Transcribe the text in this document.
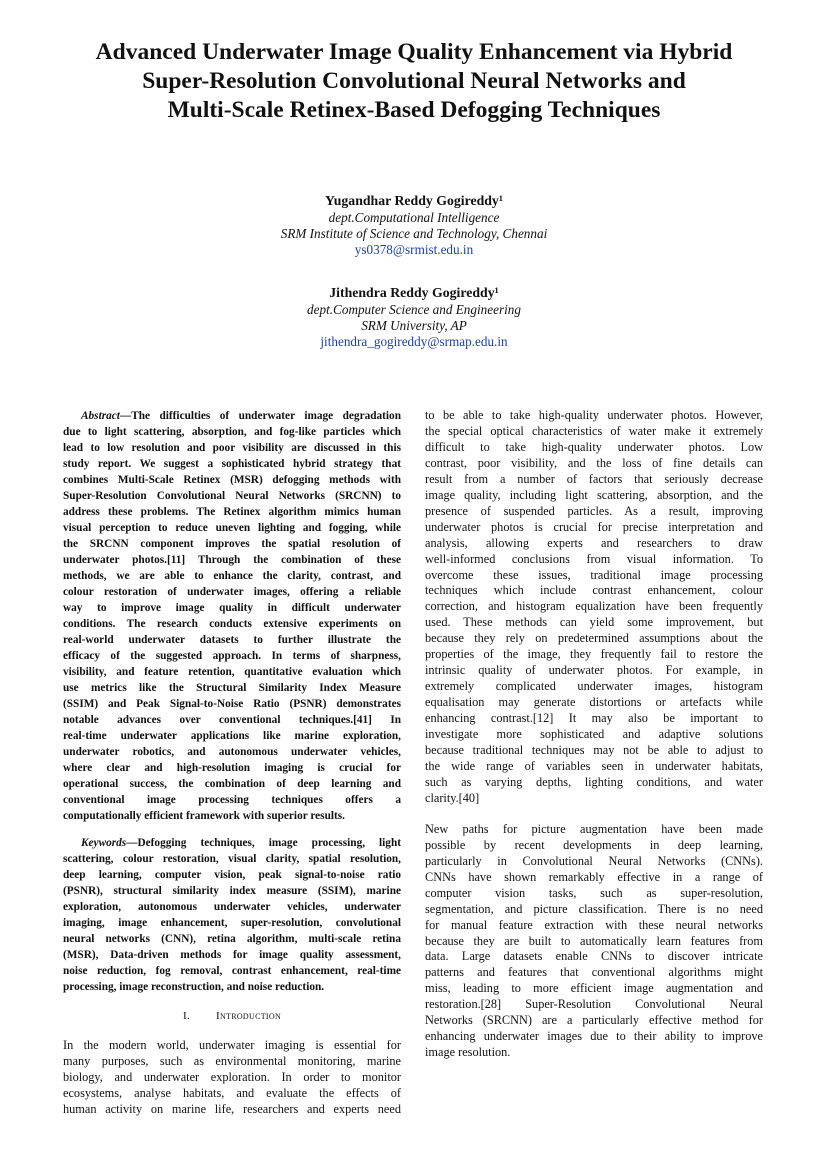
Advanced Underwater Image Quality Enhancement via Hybrid
Super-Resolution Convolutional Neural Networks and
Multi-Scale Retinex-Based Defogging Techniques
Yugandhar Reddy Gogireddy¹
dept.Computational Intelligence
SRM Institute of Science and Technology, Chennai
ys0378@srmist.edu.in
Jithendra Reddy Gogireddy¹
dept.Computer Science and Engineering
SRM University, AP
jithendra_gogireddy@srmap.edu.in
Abstract—The difficulties of underwater image degradation
due to light scattering, absorption, and fog-like particles which
lead to low resolution and poor visibility are discussed in this
study report. We suggest a sophisticated hybrid strategy that
combines Multi-Scale Retinex (MSR) defogging methods with
Super-Resolution Convolutional Neural Networks (SRCNN) to
address these problems. The Retinex algorithm mimics human
visual perception to reduce uneven lighting and fogging, while
the SRCNN component improves the spatial resolution of
underwater photos.[11] Through the combination of these
methods, we are able to enhance the clarity, contrast, and
colour restoration of underwater images, offering a reliable
way to improve image quality in difficult underwater
conditions. The research conducts extensive experiments on
real-world underwater datasets to further illustrate the
efficacy of the suggested approach. In terms of sharpness,
visibility, and feature retention, quantitative evaluation which
use metrics like the Structural Similarity Index Measure
(SSIM) and Peak Signal-to-Noise Ratio (PSNR) demonstrates
notable advances over conventional techniques.[41] In
real-time underwater applications like marine exploration,
underwater robotics, and autonomous underwater vehicles,
where clear and high-resolution imaging is crucial for
operational success, the combination of deep learning and
conventional image processing techniques offers a
computationally efficient framework with superior results.
Keywords—Defogging techniques, image processing, light
scattering, colour restoration, visual clarity, spatial resolution,
deep learning, computer vision, peak signal-to-noise ratio
(PSNR), structural similarity index measure (SSIM), marine
exploration, autonomous underwater vehicles, underwater
imaging, image enhancement, super-resolution, convolutional
neural networks (CNN), retina algorithm, multi-scale retina
(MSR), Data-driven methods for image quality assessment,
noise reduction, fog removal, contrast enhancement, real-time
processing, image reconstruction, and noise reduction.
I. Introduction
In the modern world, underwater imaging is essential for
many purposes, such as environmental monitoring, marine
biology, and underwater exploration. In order to monitor
ecosystems, analyse habitats, and evaluate the effects of
human activity on marine life, researchers and experts need
to be able to take high-quality underwater photos. However,
the special optical characteristics of water make it extremely
difficult to take high-quality underwater photos. Low
contrast, poor visibility, and the loss of fine details can
result from a number of factors that seriously decrease
image quality, including light scattering, absorption, and the
presence of suspended particles. As a result, improving
underwater photos is crucial for precise interpretation and
analysis, allowing experts and researchers to draw
well-informed conclusions from visual information. To
overcome these issues, traditional image processing
techniques which include contrast enhancement, colour
correction, and histogram equalization have been frequently
used. These methods can yield some improvement, but
because they rely on predetermined assumptions about the
properties of the image, they frequently fail to restore the
intrinsic quality of underwater photos. For example, in
extremely complicated underwater images, histogram
equalisation may generate distortions or artefacts while
enhancing contrast.[12] It may also be important to
investigate more sophisticated and adaptive solutions
because traditional techniques may not be able to adjust to
the wide range of variables seen in underwater habitats,
such as varying depths, lighting conditions, and water
clarity.[40]
New paths for picture augmentation have been made
possible by recent developments in deep learning,
particularly in Convolutional Neural Networks (CNNs).
CNNs have shown remarkably effective in a range of
computer vision tasks, such as super-resolution,
segmentation, and picture classification. There is no need
for manual feature extraction with these neural networks
because they are built to automatically learn features from
data. Large datasets enable CNNs to discover intricate
patterns and features that conventional algorithms might
miss, leading to more efficient image augmentation and
restoration.[28] Super-Resolution Convolutional Neural
Networks (SRCNN) are a particularly effective method for
enhancing underwater images due to their ability to improve
image resolution.
